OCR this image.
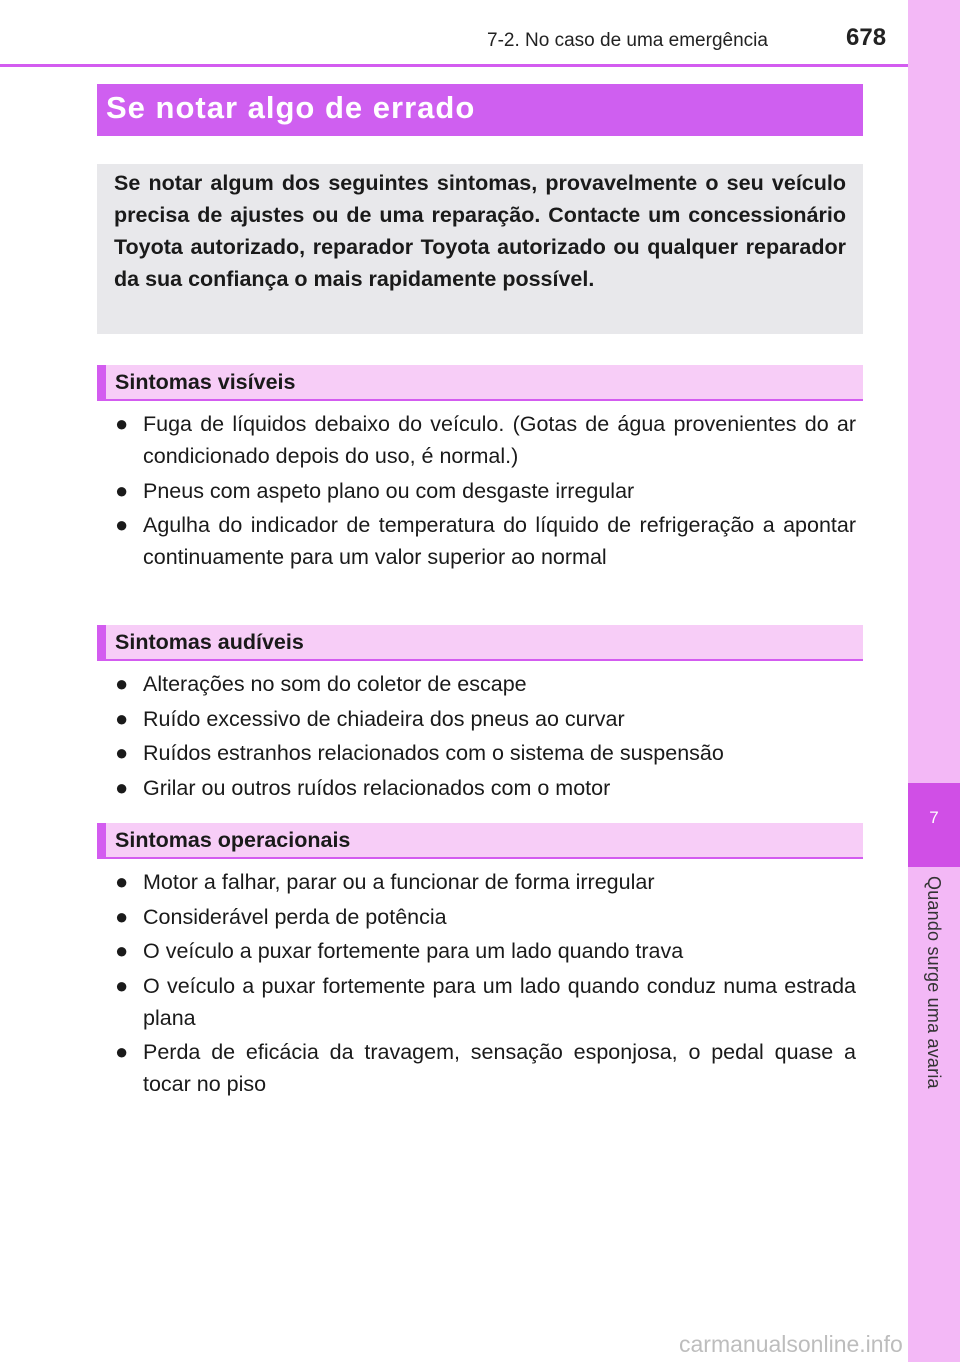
7
Quando surge uma avaria
7-2. No caso de uma emergência	678
Se notar algo de errado

Se notar algum dos seguintes sintomas, provavelmente o seu veículo precisa de ajustes ou de uma reparação. Contacte um concessionário Toyota autorizado, reparador Toyota autorizado ou qualquer reparador da sua confiança o mais rapidamente possível.

Sintomas visíveis
● Fuga de líquidos debaixo do veículo. (Gotas de água provenientes do ar condicionado depois do uso, é normal.)
● Pneus com aspeto plano ou com desgaste irregular
● Agulha do indicador de temperatura do líquido de refrigeração a apontar continuamente para um valor superior ao normal
Sintomas audíveis
● Alterações no som do coletor de escape
● Ruído excessivo de chiadeira dos pneus ao curvar
● Ruídos estranhos relacionados com o sistema de suspensão
● Grilar ou outros ruídos relacionados com o motor
Sintomas operacionais
● Motor a falhar, parar ou a funcionar de forma irregular
● Considerável perda de potência
● O veículo a puxar fortemente para um lado quando trava
● O veículo a puxar fortemente para um lado quando conduz numa estrada plana
● Perda de eficácia da travagem, sensação esponjosa, o pedal quase a tocar no piso
carmanualsonline.info
